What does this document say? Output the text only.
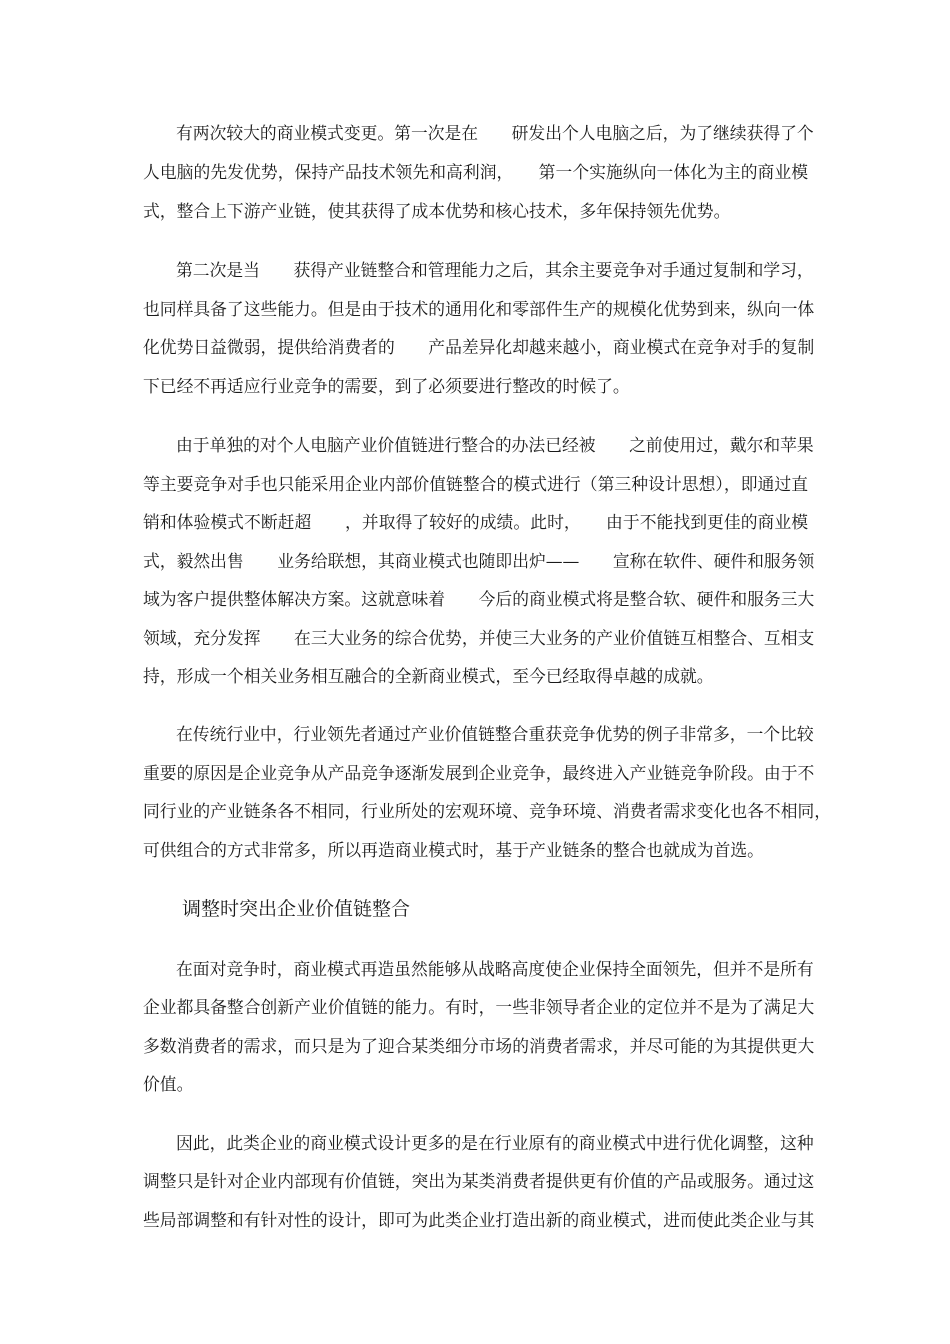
有两次较大的商业模式变更。第一次是在　　研发出个人电脑之后，为了继续获得了个

人电脑的先发优势，保持产品技术领先和高利润，　　第一个实施纵向一体化为主的商业模

式，整合上下游产业链，使其获得了成本优势和核心技术，多年保持领先优势。

第二次是当　　获得产业链整合和管理能力之后，其余主要竞争对手通过复制和学习，

也同样具备了这些能力。但是由于技术的通用化和零部件生产的规模化优势到来，纵向一体

化优势日益微弱，提供给消费者的　　产品差异化却越来越小，商业模式在竞争对手的复制

下已经不再适应行业竞争的需要，到了必须要进行整改的时候了。

由于单独的对个人电脑产业价值链进行整合的办法已经被　　之前使用过，戴尔和苹果

等主要竞争对手也只能采用企业内部价值链整合的模式进行（第三种设计思想），即通过直

销和体验模式不断赶超　　，并取得了较好的成绩。此时，　　由于不能找到更佳的商业模

式，毅然出售　　业务给联想，其商业模式也随即出炉——　　宣称在软件、硬件和服务领

域为客户提供整体解决方案。这就意味着　　今后的商业模式将是整合软、硬件和服务三大

领域，充分发挥　　在三大业务的综合优势，并使三大业务的产业价值链互相整合、互相支

持，形成一个相关业务相互融合的全新商业模式，至今已经取得卓越的成就。

在传统行业中，行业领先者通过产业价值链整合重获竞争优势的例子非常多，一个比较

重要的原因是企业竞争从产品竞争逐渐发展到企业竞争，最终进入产业链竞争阶段。由于不

同行业的产业链条各不相同，行业所处的宏观环境、竞争环境、消费者需求变化也各不相同，

可供组合的方式非常多，所以再造商业模式时，基于产业链条的整合也就成为首选。

调整时突出企业价值链整合

在面对竞争时，商业模式再造虽然能够从战略高度使企业保持全面领先，但并不是所有

企业都具备整合创新产业价值链的能力。有时，一些非领导者企业的定位并不是为了满足大

多数消费者的需求，而只是为了迎合某类细分市场的消费者需求，并尽可能的为其提供更大

价值。

因此，此类企业的商业模式设计更多的是在行业原有的商业模式中进行优化调整，这种

调整只是针对企业内部现有价值链，突出为某类消费者提供更有价值的产品或服务。通过这

些局部调整和有针对性的设计，即可为此类企业打造出新的商业模式，进而使此类企业与其
